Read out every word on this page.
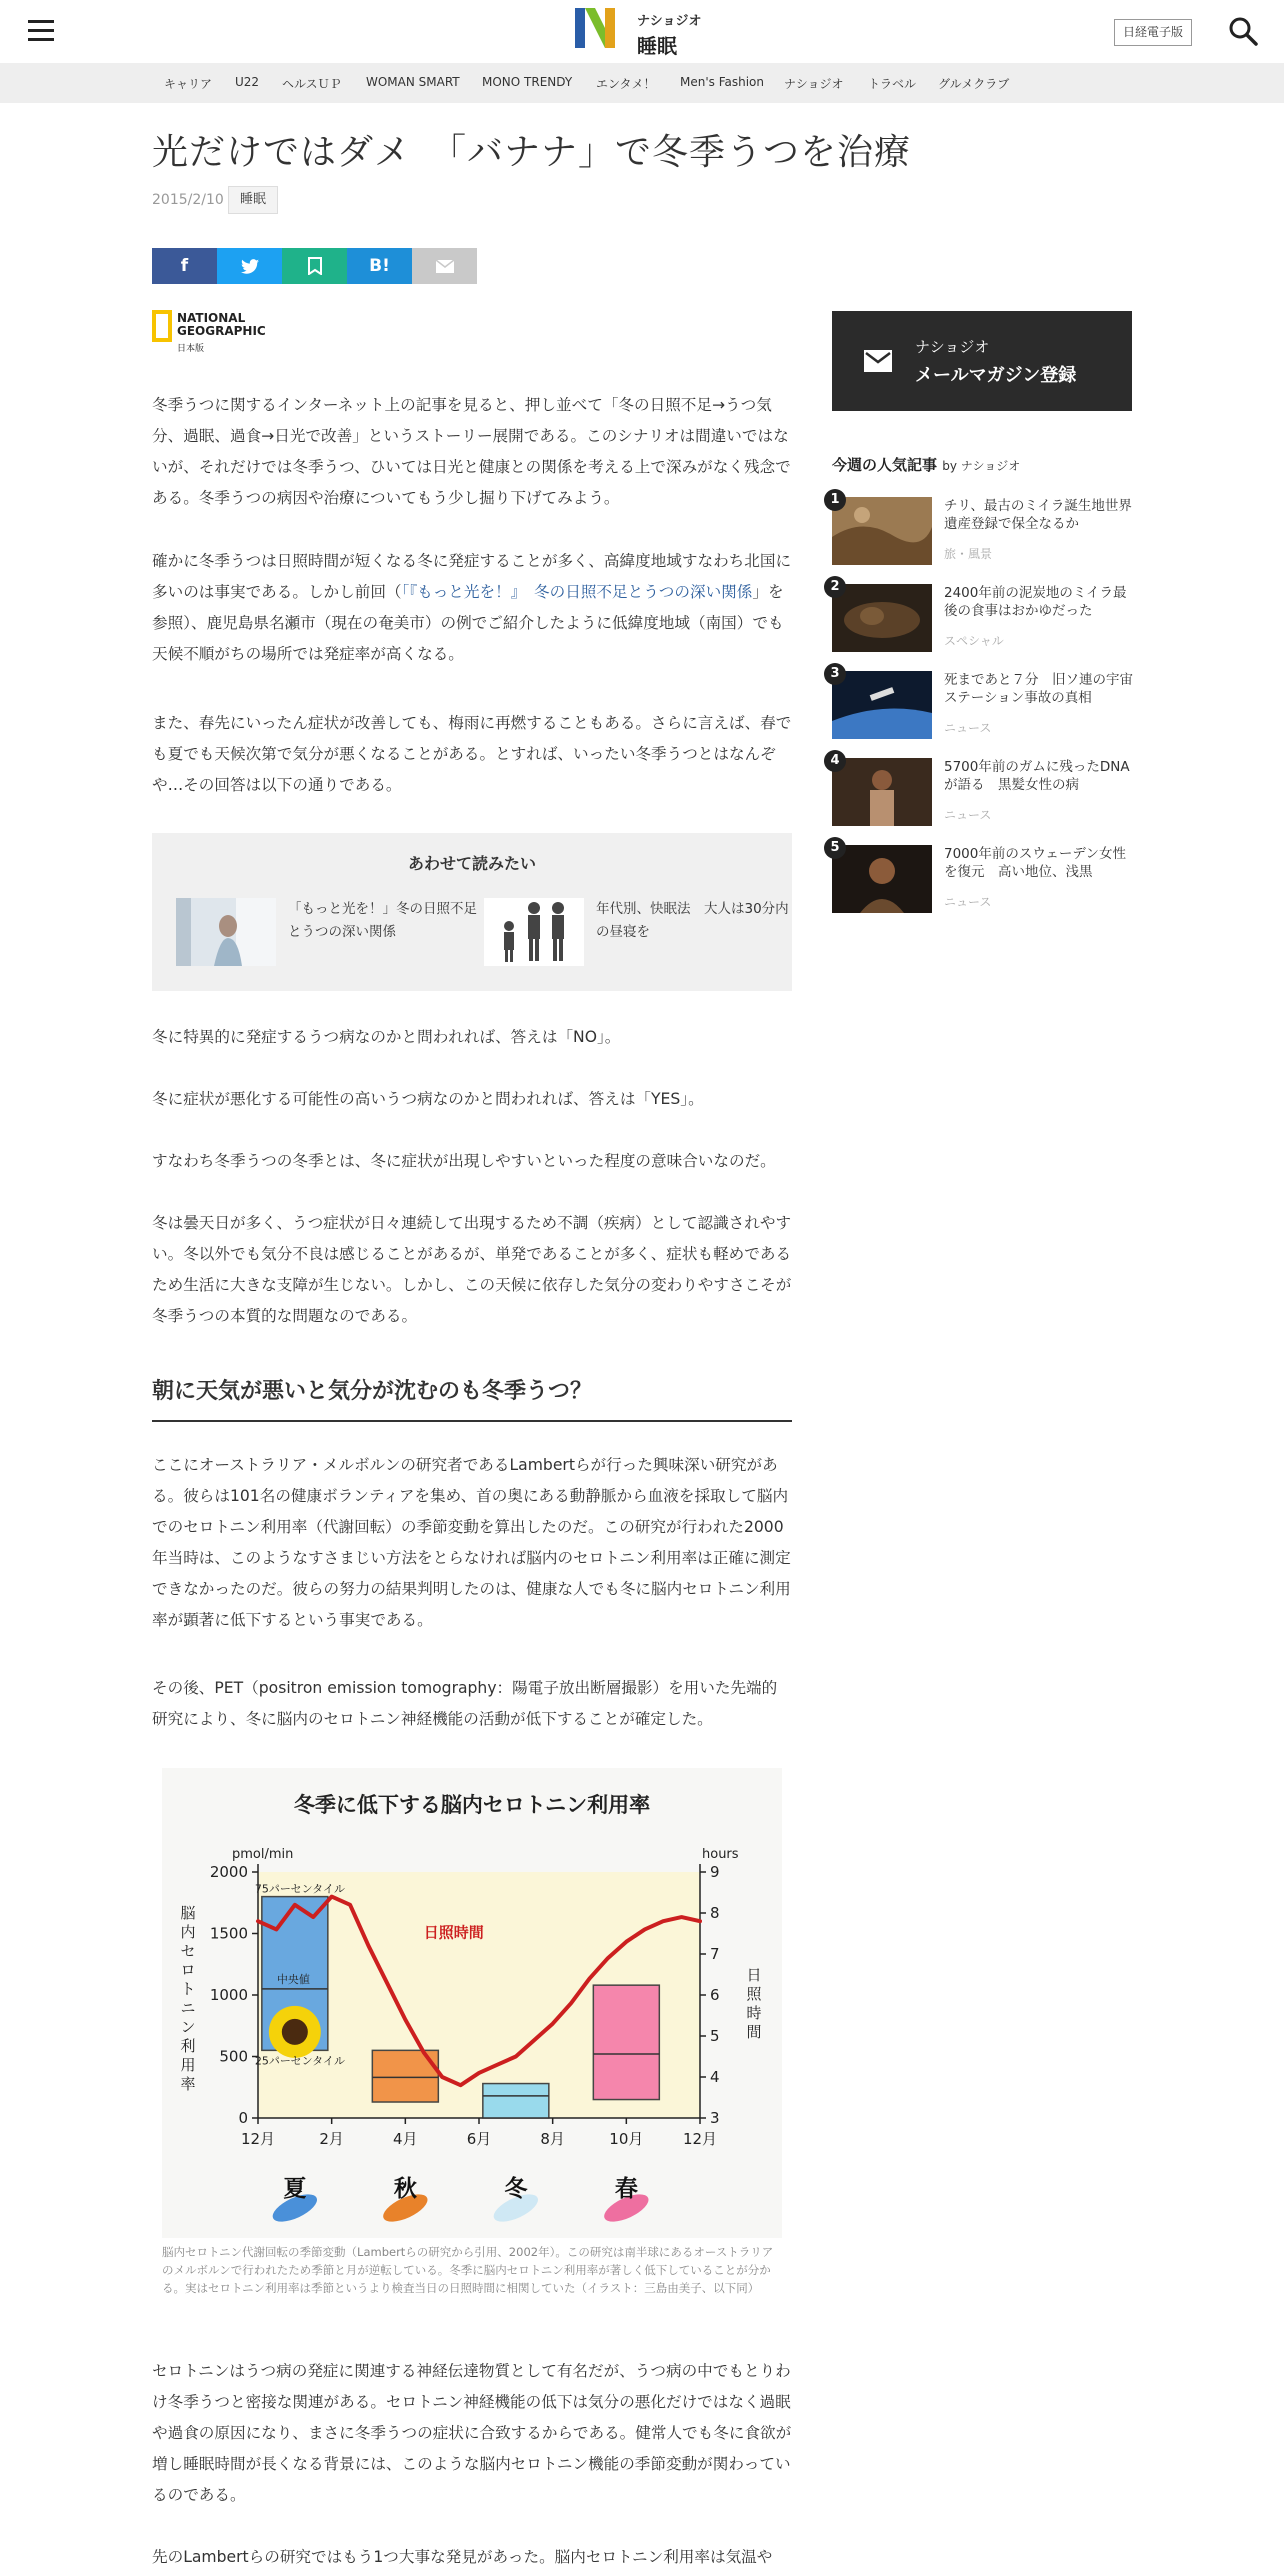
ナショジオ
睡眠
日経電子版
キャリア U22 ヘルスＵＰ WOMAN SMART MONO TRENDY エンタメ！ Men's Fashion ナショジオ トラベル グルメクラブ
光だけではダメ　「バナナ」で冬季うつを治療
2015/2/10	睡眠
f	B!
NATIONAL
GEOGRAPHIC
日本版

冬季うつに関するインターネット上の記事を見ると、押し並べて「冬の日照不足→うつ気分、過眠、過食→日光で改善」というストーリー展開である。このシナリオは間違いではないが、それだけでは冬季うつ、ひいては日光と健康との関係を考える上で深みがなく残念である。冬季うつの病因や治療についてもう少し掘り下げてみよう。

確かに冬季うつは日照時間が短くなる冬に発症することが多く、高緯度地域すなわち北国に多いのは事実である。しかし前回（「『もっと光を！』　冬の日照不足とうつの深い関係」を参照）、鹿児島県名瀬市（現在の奄美市）の例でご紹介したように低緯度地域（南国）でも天候不順がちの場所では発症率が高くなる。

また、春先にいったん症状が改善しても、梅雨に再燃することもある。さらに言えば、春でも夏でも天候次第で気分が悪くなることがある。とすれば、いったい冬季うつとはなんぞや…その回答は以下の通りである。

あわせて読みたい
「もっと光を！」冬の日照不足とうつの深い関係
年代別、快眠法　大人は30分内の昼寝を

冬に特異的に発症するうつ病なのかと問われれば、答えは「NO」。

冬に症状が悪化する可能性の高いうつ病なのかと問われれば、答えは「YES」。

すなわち冬季うつの冬季とは、冬に症状が出現しやすいといった程度の意味合いなのだ。

冬は曇天日が多く、うつ症状が日々連続して出現するため不調（疾病）として認識されやすい。冬以外でも気分不良は感じることがあるが、単発であることが多く、症状も軽めであるため生活に大きな支障が生じない。しかし、この天候に依存した気分の変わりやすさこそが冬季うつの本質的な問題なのである。

朝に天気が悪いと気分が沈むのも冬季うつ？

ここにオーストラリア・メルボルンの研究者であるLambertらが行った興味深い研究がある。彼らは101名の健康ボランティアを集め、首の奥にある動静脈から血液を採取して脳内でのセロトニン利用率（代謝回転）の季節変動を算出したのだ。この研究が行われた2000年当時は、このようなすさまじい方法をとらなければ脳内のセロトニン利用率は正確に測定できなかったのだ。彼らの努力の結果判明したのは、健康な人でも冬に脳内セロトニン利用率が顕著に低下するという事実である。

その後、PET（positron emission tomography：陽電子放出断層撮影）を用いた先端的研究により、冬に脳内のセロトニン神経機能の活動が低下することが確定した。

冬季に低下する脳内セロトニン利用率
pmol/min	hours
脳
内
セ
ロ
ト
ニ
ン
利
用
率
日
照
時
間
0
500
1000
1500
2000
3
4
5
6
7
8
9
12月	2月	4月	6月	8月	10月	12月
75パーセンタイル
中央値
25パーセンタイル
日照時間
夏	秋	冬	春

脳内セロトニン代謝回転の季節変動（Lambertらの研究から引用、2002年）。この研究は南半球にあるオーストラリアのメルボルンで行われたため季節と月が逆転している。冬季に脳内セロトニン利用率が著しく低下していることが分かる。実はセロトニン利用率は季節というより検査当日の日照時間に相関していた（イラスト：三島由美子、以下同）

セロトニンはうつ病の発症に関連する神経伝達物質として有名だが、うつ病の中でもとりわけ冬季うつと密接な関連がある。セロトニン神経機能の低下は気分の悪化だけではなく過眠や過食の原因になり、まさに冬季うつの症状に合致するからである。健常人でも冬に食欲が増し睡眠時間が長くなる背景には、このような脳内セロトニン機能の季節変動が関わっているのである。

先のLambertらの研究ではもう1つ大事な発見があった。脳内セロトニン利用率は気温や

ナショジオ
メールマガジン登録
今週の人気記事 by ナショジオ
1	チリ、最古のミイラ誕生地世界遺産登録で保全なるか
旅・風景
2	2400年前の泥炭地のミイラ最後の食事はおかゆだった
スペシャル
3	死まであと７分　旧ソ連の宇宙ステーション事故の真相
ニュース
4	5700年前のガムに残ったDNAが語る　黒髪女性の病
ニュース
5	7000年前のスウェーデン女性を復元　高い地位、浅黒
ニュース
